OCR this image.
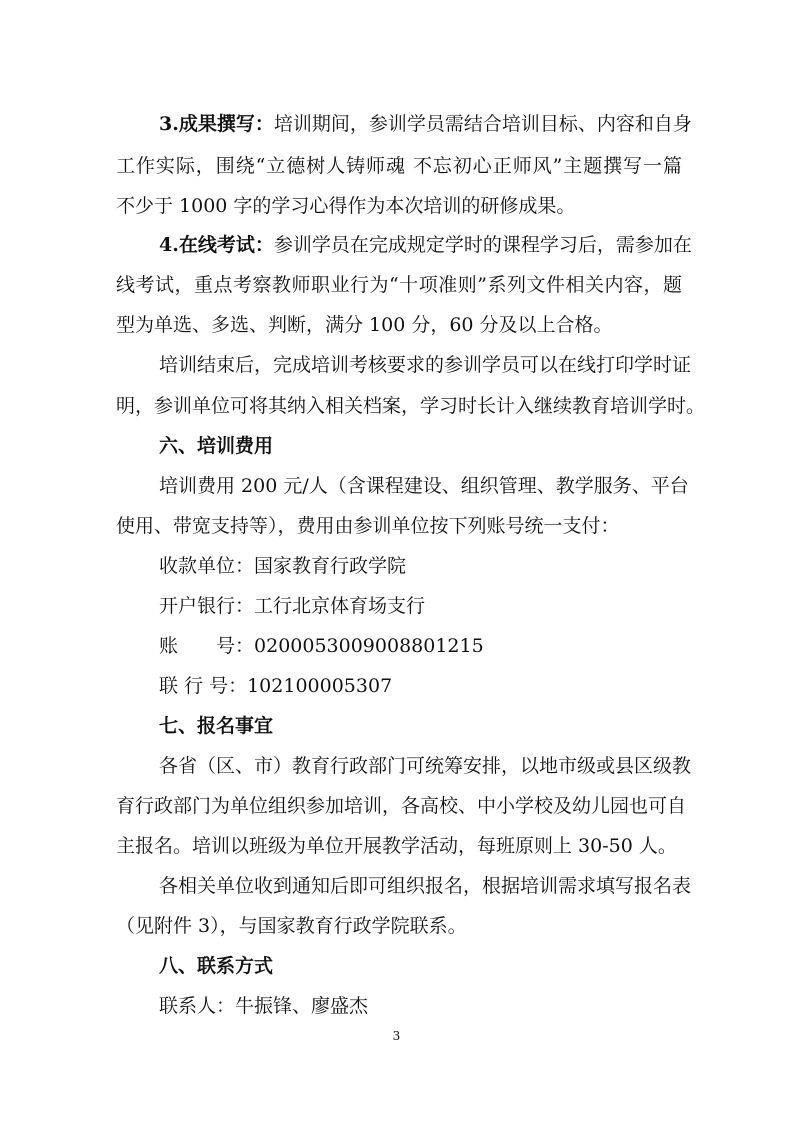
3.成果撰写：培训期间，参训学员需结合培训目标、内容和自身
工作实际，围绕“立德树人铸师魂 不忘初心正师风”主题撰写一篇
不少于 1000 字的学习心得作为本次培训的研修成果。
4.在线考试：参训学员在完成规定学时的课程学习后，需参加在
线考试，重点考察教师职业行为“十项准则”系列文件相关内容，题
型为单选、多选、判断，满分 100 分，60 分及以上合格。
培训结束后，完成培训考核要求的参训学员可以在线打印学时证
明，参训单位可将其纳入相关档案，学习时长计入继续教育培训学时。
六、培训费用
培训费用 200 元/人（含课程建设、组织管理、教学服务、平台
使用、带宽支持等），费用由参训单位按下列账号统一支付：
收款单位：国家教育行政学院
开户银行：工行北京体育场支行
账　　号：0200053009008801215
联 行 号：102100005307
七、报名事宜
各省（区、市）教育行政部门可统筹安排，以地市级或县区级教
育行政部门为单位组织参加培训，各高校、中小学校及幼儿园也可自
主报名。培训以班级为单位开展教学活动，每班原则上 30-50 人。
各相关单位收到通知后即可组织报名，根据培训需求填写报名表
（见附件 3），与国家教育行政学院联系。
八、联系方式
联系人：牛振锋、廖盛杰
3
